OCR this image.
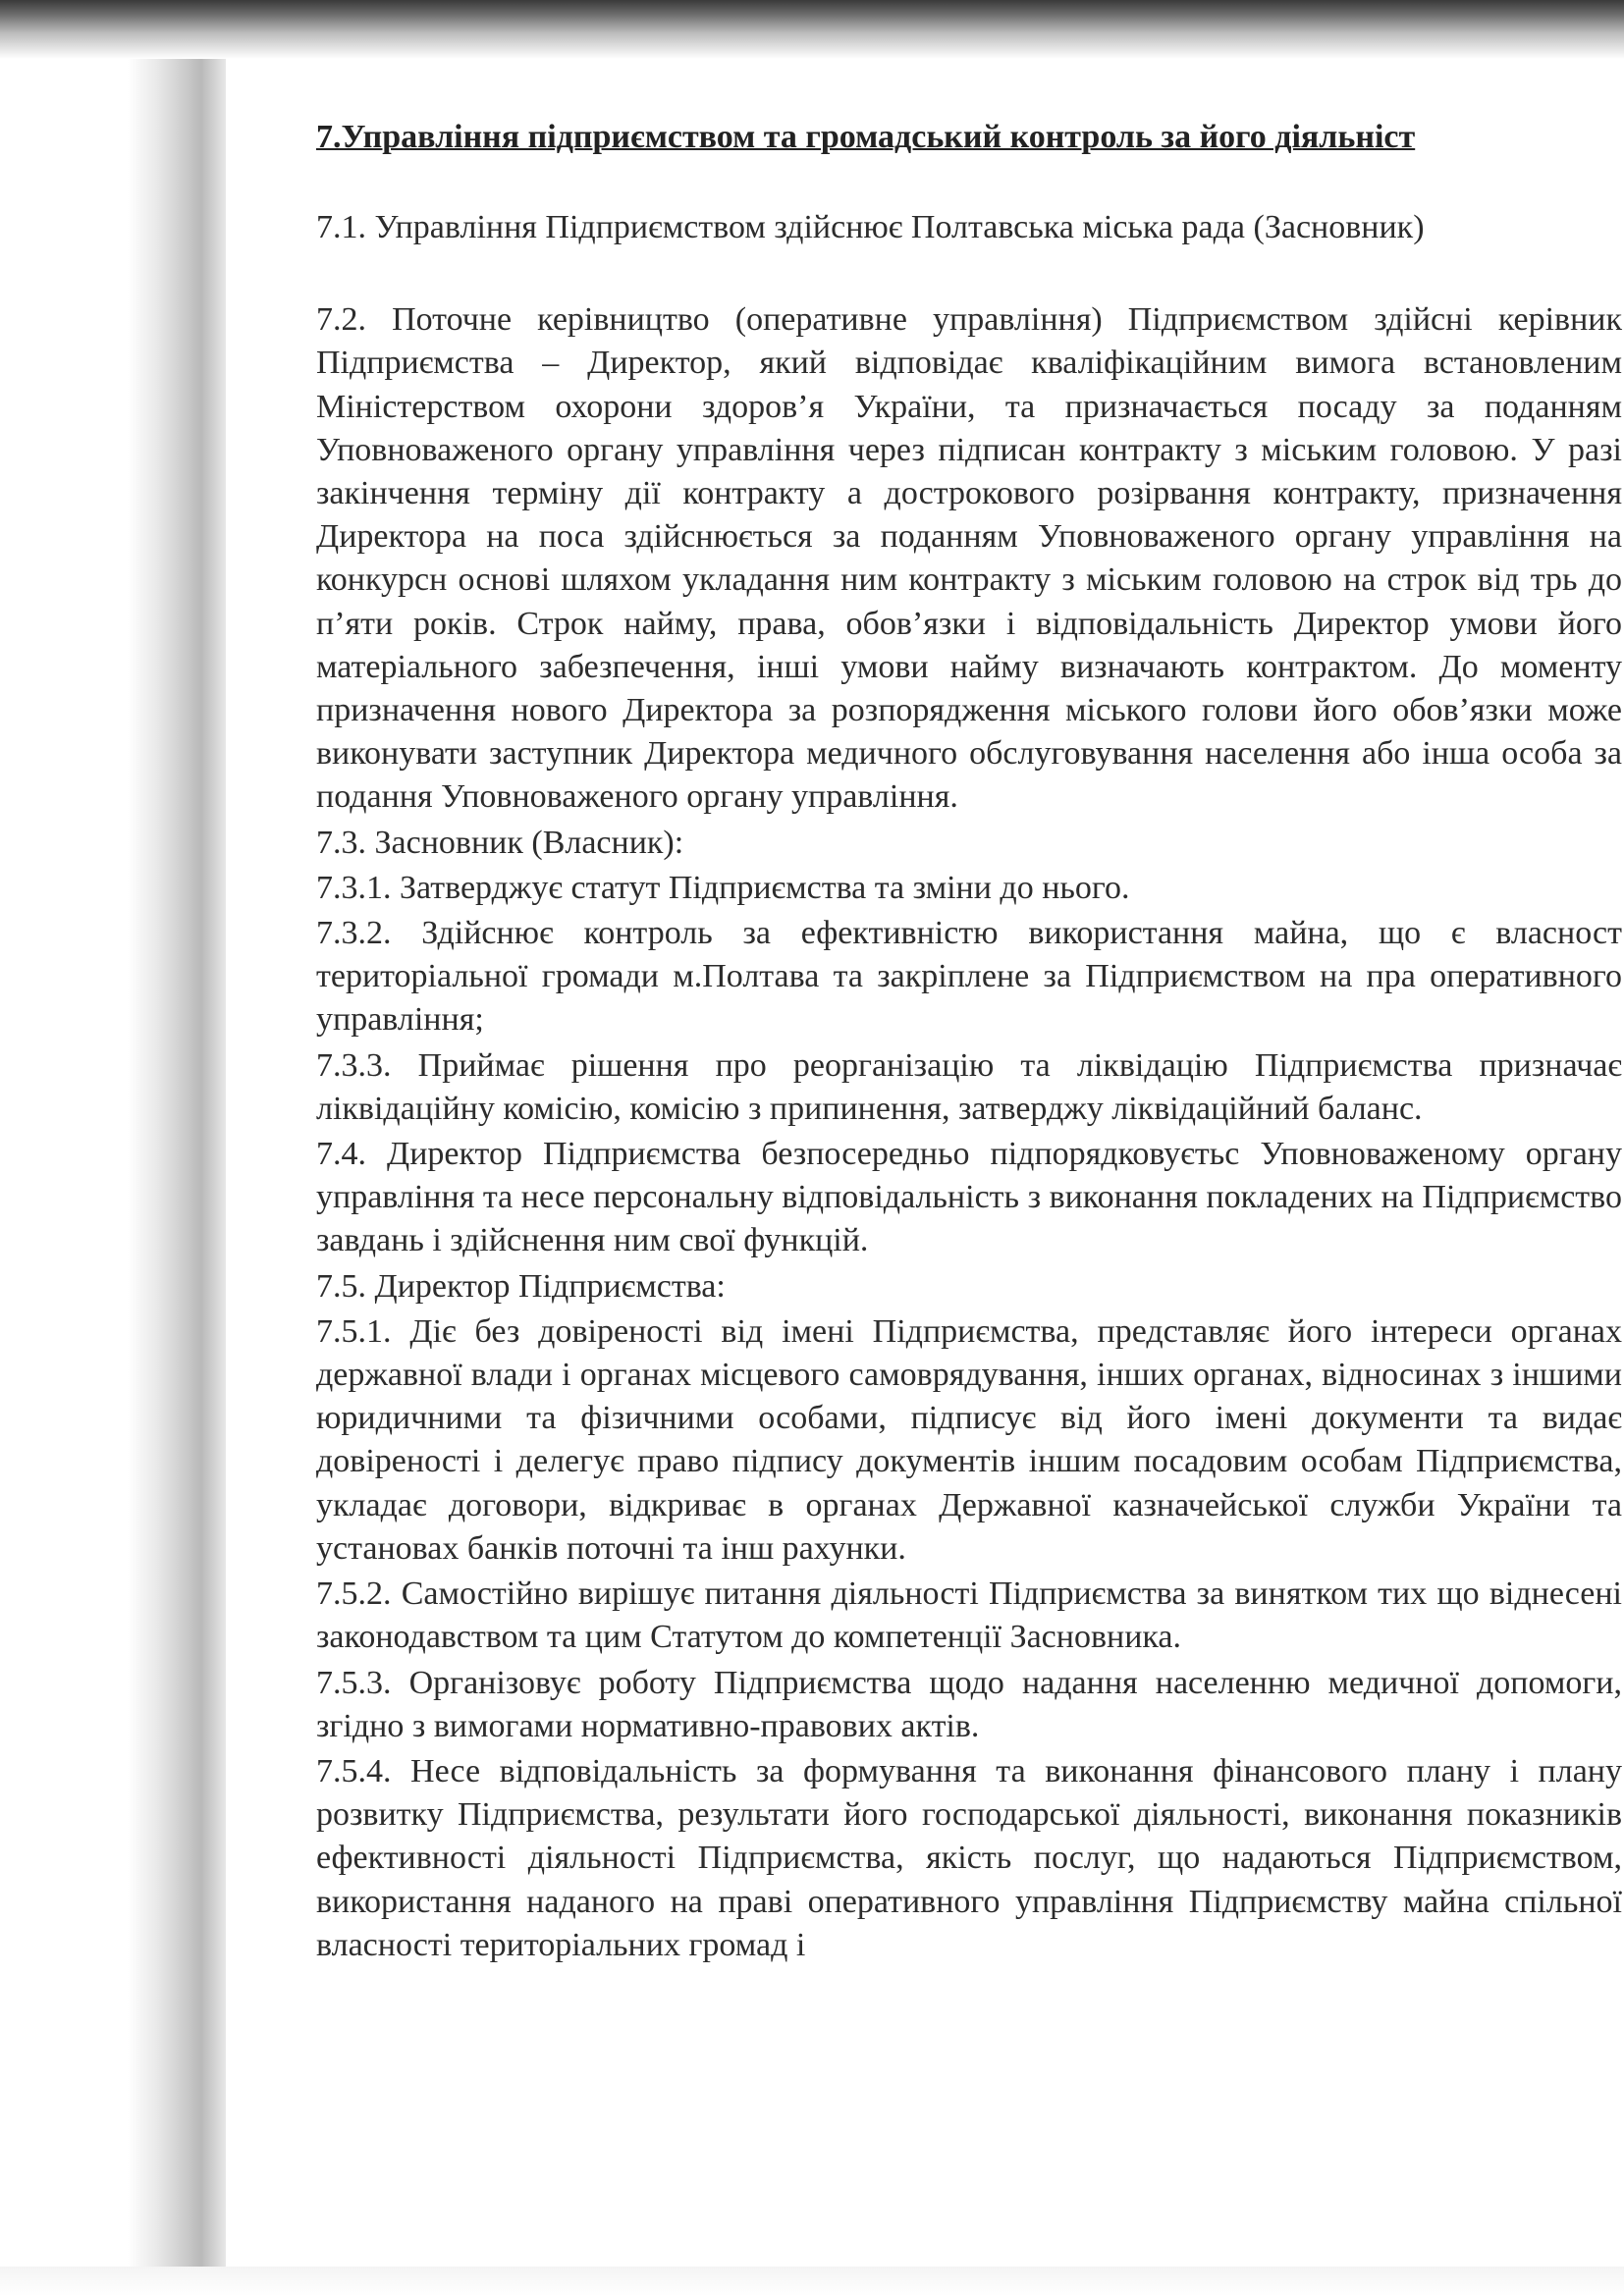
7.Управління підприємством та громадський контроль за його діяльніст

7.1. Управління Підприємством здійснює Полтавська міська рада (Засновник)

7.2. Поточне керівництво (оперативне управління) Підприємством здійсні керівник Підприємства – Директор, який відповідає кваліфікаційним вимога встановленим Міністерством охорони здоров’я України, та призначається посаду за поданням Уповноваженого органу управління через підписан контракту з міським головою. У разі закінчення терміну дії контракту а дострокового розірвання контракту, призначення Директора на поса здійснюється за поданням Уповноваженого органу управління на конкурсн основі шляхом укладання ним контракту з міським головою на строк від трь до п’яти років. Строк найму, права, обов’язки і відповідальність Директор умови його матеріального забезпечення, інші умови найму визначають контрактом. До моменту призначення нового Директора за розпорядження міського голови його обов’язки може виконувати заступник Директора медичного обслуговування населення або інша особа за подання Уповноваженого органу управління.

7.3. Засновник (Власник):

7.3.1. Затверджує статут Підприємства та зміни до нього.

7.3.2. Здійснює контроль за ефективністю використання майна, що є власност територіальної громади м.Полтава та закріплене за Підприємством на пра оперативного управління;

7.3.3. Приймає рішення про реорганізацію та ліквідацію Підприємства призначає ліквідаційну комісію, комісію з припинення, затверджу ліквідаційний баланс.

7.4. Директор Підприємства безпосередньо підпорядковуєтьс Уповноваженому органу управління та несе персональну відповідальність з виконання покладених на Підприємство завдань і здійснення ним свої функцій.

7.5. Директор Підприємства:

7.5.1. Діє без довіреності від імені Підприємства, представляє його інтереси органах державної влади і органах місцевого самоврядування, інших органах, відносинах з іншими юридичними та фізичними особами, підписує від його імені документи та видає довіреності і делегує право підпису документів іншим посадовим особам Підприємства, укладає договори, відкриває в органах Державної казначейської служби України та установах банків поточні та інш рахунки.

7.5.2. Самостійно вирішує питання діяльності Підприємства за винятком тих що віднесені законодавством та цим Статутом до компетенції Засновника.

7.5.3. Організовує роботу Підприємства щодо надання населенню медичної допомоги, згідно з вимогами нормативно-правових актів.

7.5.4. Несе відповідальність за формування та виконання фінансового плану і плану розвитку Підприємства, результати його господарської діяльності, виконання показників ефективності діяльності Підприємства, якість послуг, що надаються Підприємством, використання наданого на праві оперативного управління Підприємству майна спільної власності територіальних громад і
